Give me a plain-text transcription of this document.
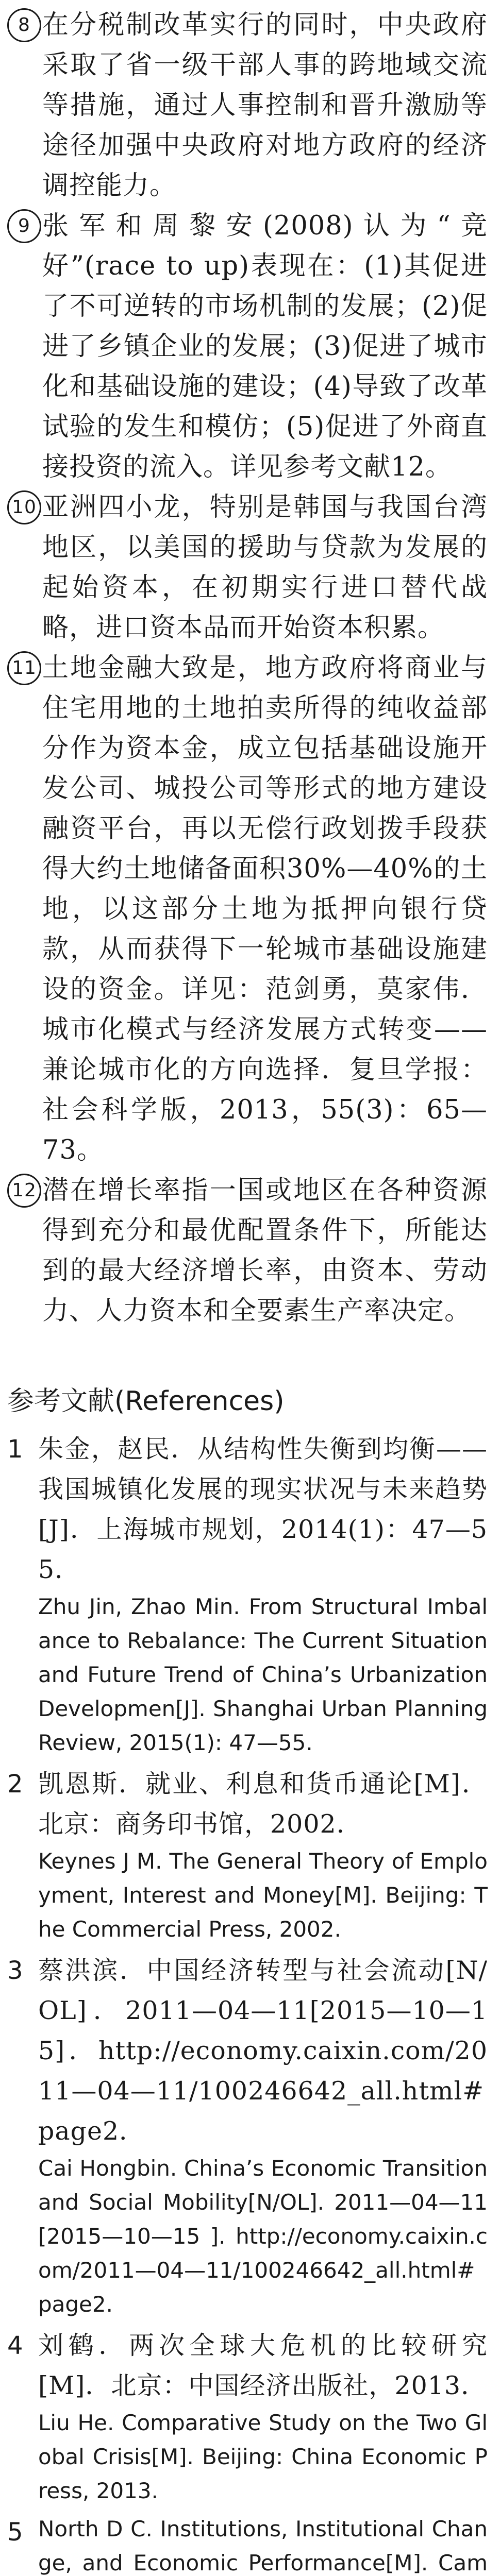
8 在分税制改革实行的同时，中央政府采取了省一级干部人事的跨地域交流等措施，通过人事控制和晋升激励等途径加强中央政府对地方政府的经济调控能力。
9 张军和周黎安(2008)认为“竞好”(race to up)表现在：(1)其促进了不可逆转的市场机制的发展；(2)促进了乡镇企业的发展；(3)促进了城市化和基础设施的建设；(4)导致了改革试验的发生和模仿；(5)促进了外商直接投资的流入。详见参考文献12。
10 亚洲四小龙，特别是韩国与我国台湾地区，以美国的援助与贷款为发展的起始资本，在初期实行进口替代战略，进口资本品而开始资本积累。
11 土地金融大致是，地方政府将商业与住宅用地的土地拍卖所得的纯收益部分作为资本金，成立包括基础设施开发公司、城投公司等形式的地方建设融资平台，再以无偿行政划拨手段获得大约土地储备面积30%—40%的土地，以这部分土地为抵押向银行贷款，从而获得下一轮城市基础设施建设的资金。详见：范剑勇，莫家伟．城市化模式与经济发展方式转变——兼论城市化的方向选择．复旦学报：社会科学版，2013，55(3)：65—73。
12 潜在增长率指一国或地区在各种资源得到充分和最优配置条件下，所能达到的最大经济增长率，由资本、劳动力、人力资本和全要素生产率决定。
参考文献(References)
1 朱金，赵民．从结构性失衡到均衡——我国城镇化发展的现实状况与未来趋势[J]．上海城市规划，2014(1)：47—55．
Zhu Jin, Zhao Min. From Structural Imbalance to Rebalance: The Current Situation and Future Trend of China’s Urbanization Developmen[J]. Shanghai Urban Planning Review, 2015(1): 47—55.
2 凯恩斯．就业、利息和货币通论[M]．北京：商务印书馆，2002．
Keynes J M. The General Theory of Employment, Interest and Money[M]. Beijing: The Commercial Press, 2002.
3 蔡洪滨．中国经济转型与社会流动[N/OL]．2011—04—11[2015—10—15]．http://economy.caixin.com/2011—04—11/100246642_all.html#page2．
Cai Hongbin. China’s Economic Transition and Social Mobility[N/OL]. 2011—04—11[2015—10—15 ]. http://economy.caixin.com/2011—04—11/100246642_all.html#page2.
4 刘鹤．两次全球大危机的比较研究[M]．北京：中国经济出版社，2013．
Liu He. Comparative Study on the Two Global Crisis[M]. Beijing: China Economic Press, 2013.
5 North D C. Institutions, Institutional Change, and Economic Performance[M]. Cam
